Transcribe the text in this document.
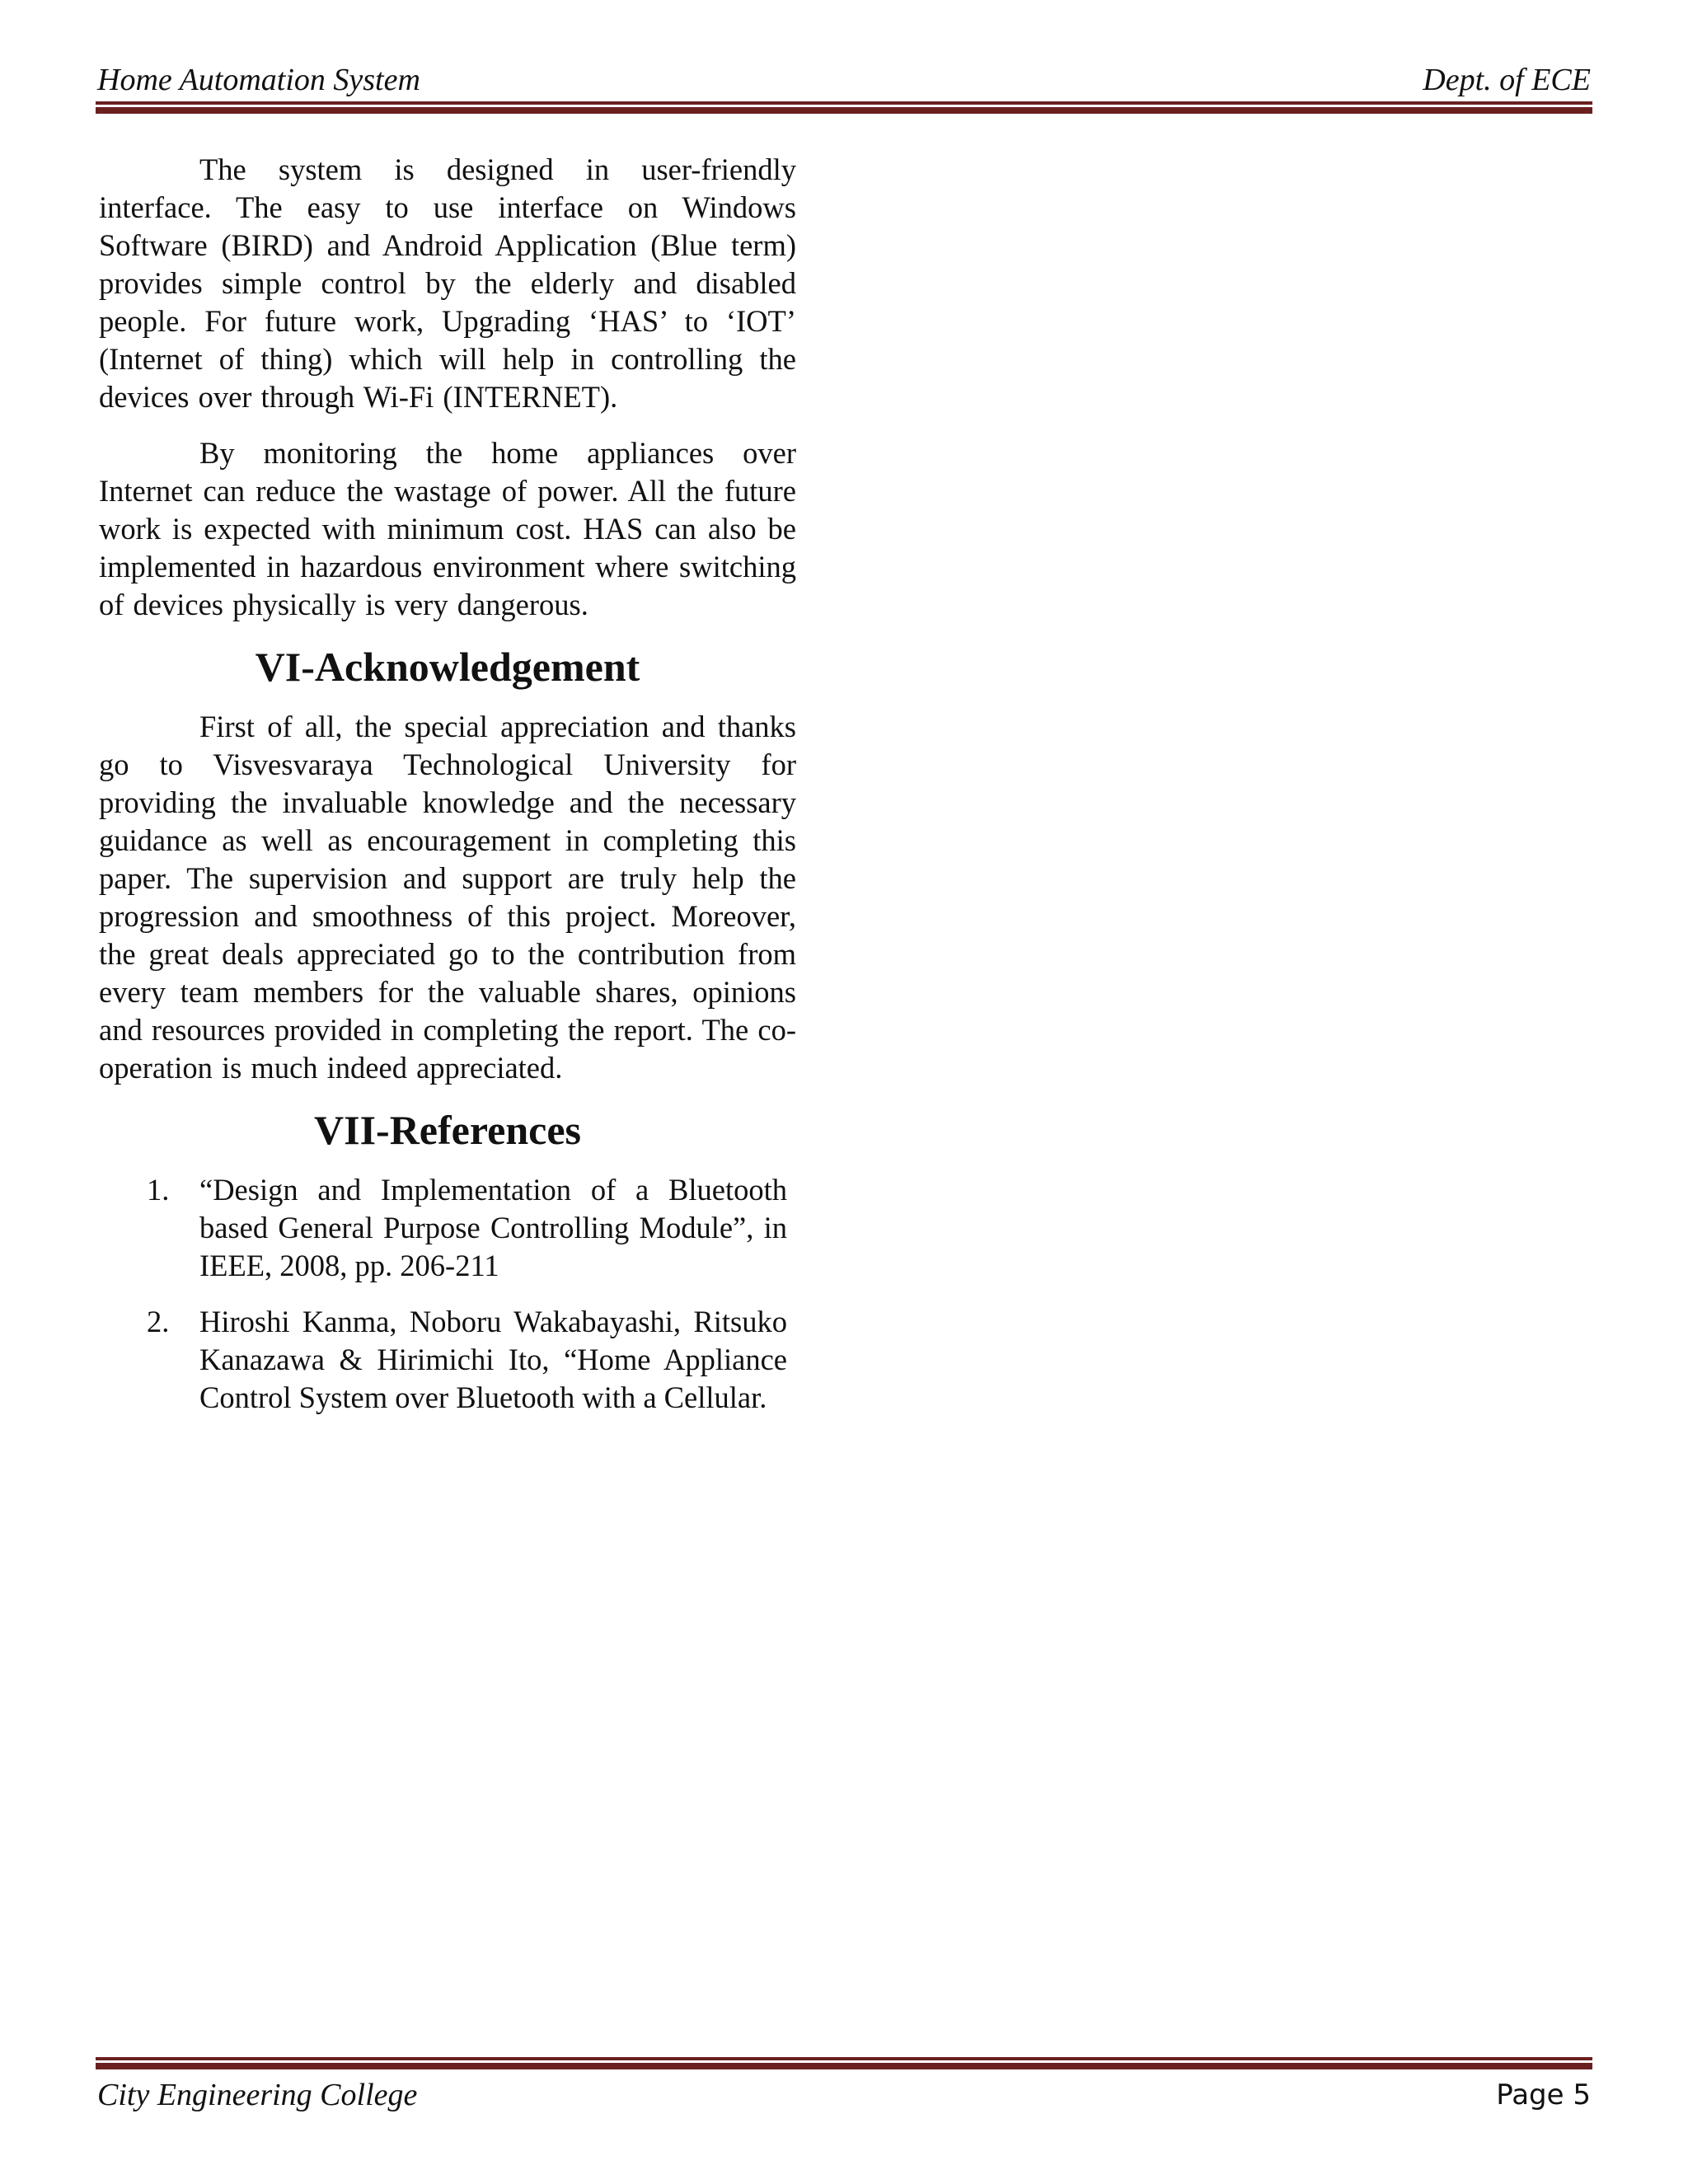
Home Automation System	Dept. of ECE

The system is designed in user-friendly interface. The easy to use interface on Windows Software (BIRD) and Android Application (Blue term) provides simple control by the elderly and disabled people. For future work, Upgrading ‘HAS’ to ‘IOT’ (Internet of thing) which will help in controlling the devices over through Wi-Fi (INTERNET).

By monitoring the home appliances over Internet can reduce the wastage of power. All the future work is expected with minimum cost. HAS can also be implemented in hazardous environment where switching of devices physically is very dangerous.

VI-Acknowledgement

First of all, the special appreciation and thanks go to Visvesvaraya Technological University for providing the invaluable knowledge and the necessary guidance as well as encouragement in completing this paper. The supervision and support are truly help the progression and smoothness of this project. Moreover, the great deals appreciated go to the contribution from every team members for the valuable shares, opinions and resources provided in completing the report. The co-operation is much indeed appreciated.

VII-References
1. “Design and Implementation of a Bluetooth based General Purpose Controlling Module”, in IEEE, 2008, pp. 206-211
2. Hiroshi Kanma, Noboru Wakabayashi, Ritsuko Kanazawa & Hirimichi Ito, “Home Appliance Control System over Bluetooth with a Cellular.
City Engineering College	Page 5
